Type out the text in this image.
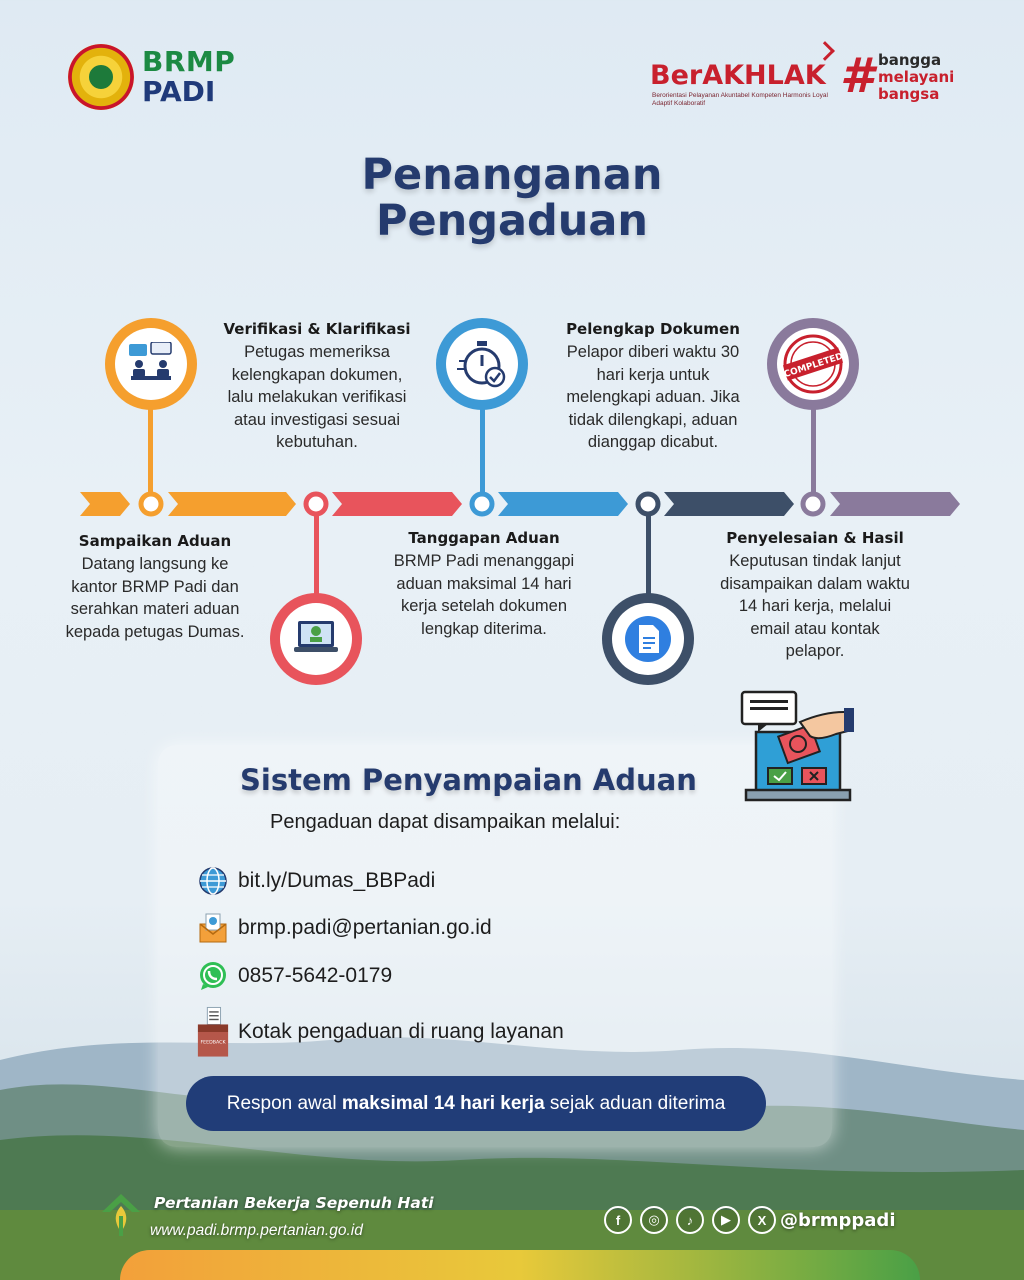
BRMP
PADI	BerAKHLAK
Berorientasi Pelayanan Akuntabel Kompeten Harmonis Loyal Adaptif Kolaboratif	# bangga
melayani
bangsa
Penanganan
Pengaduan
COMPLETED
Sampaikan Aduan
Datang langsung ke kantor BRMP Padi dan serahkan materi aduan kepada petugas Dumas.
Verifikasi & Klarifikasi
Petugas memeriksa kelengkapan dokumen, lalu melakukan verifikasi atau investigasi sesuai kebutuhan.
Tanggapan Aduan
BRMP Padi menanggapi aduan maksimal 14 hari kerja setelah dokumen lengkap diterima.
Pelengkap Dokumen
Pelapor diberi waktu 30 hari kerja untuk melengkapi aduan. Jika tidak dilengkapi, aduan dianggap dicabut.
Penyelesaian & Hasil
Keputusan tindak lanjut disampaikan dalam waktu 14 hari kerja, melalui email atau kontak pelapor.
Sistem Penyampaian Aduan
Pengaduan dapat disampaikan melalui:
bit.ly/Dumas_BBPadi
brmp.padi@pertanian.go.id
0857-5642-0179
FEEDBACK Kotak pengaduan di ruang layanan
Respon awal maksimal 14 hari kerja sejak aduan diterima
Pertanian Bekerja Sepenuh Hati
www.padi.brmp.pertanian.go.id
f	◎	♪	▶	X @brmppadi
